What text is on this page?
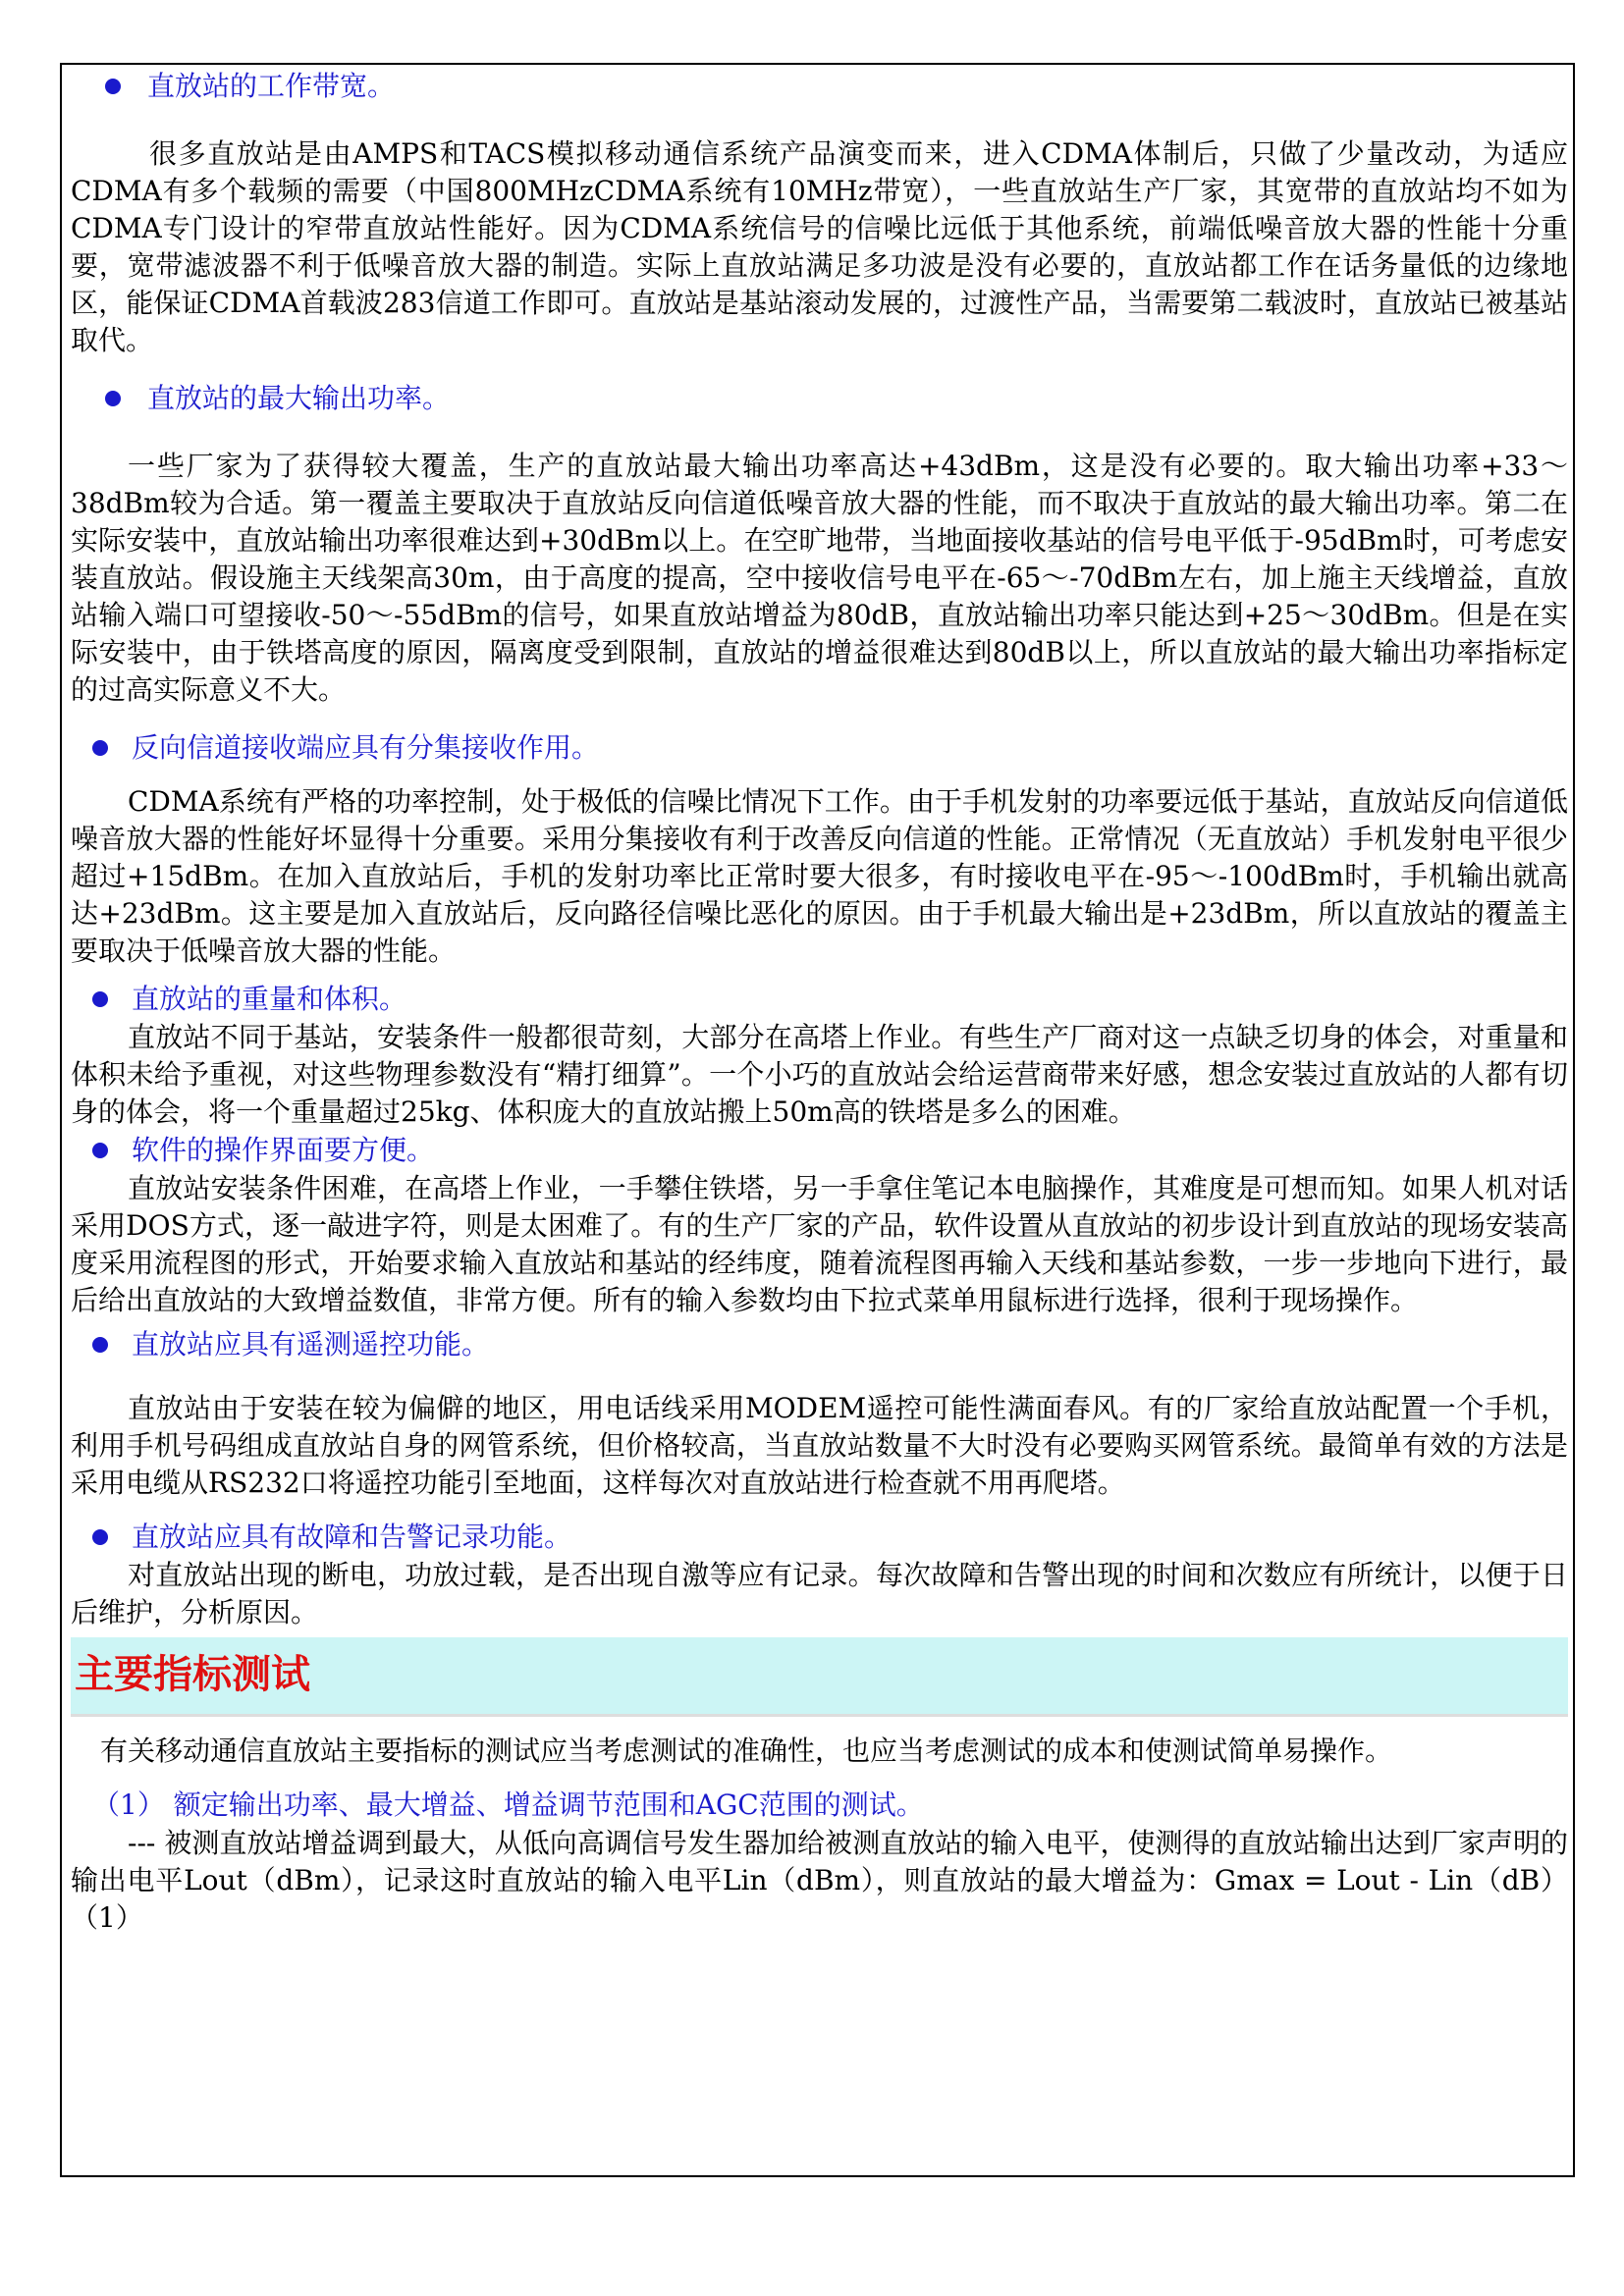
直放站的工作带宽。

很多直放站是由AMPS和TACS模拟移动通信系统产品演变而来，进入CDMA体制后，只做了少量改动，为适应CDMA有多个载频的需要（中国800MHzCDMA系统有10MHz带宽），一些直放站生产厂家，其宽带的直放站均不如为CDMA专门设计的窄带直放站性能好。因为CDMA系统信号的信噪比远低于其他系统，前端低噪音放大器的性能十分重要，宽带滤波器不利于低噪音放大器的制造。实际上直放站满足多功波是没有必要的，直放站都工作在话务量低的边缘地区，能保证CDMA首载波283信道工作即可。直放站是基站滚动发展的，过渡性产品，当需要第二载波时，直放站已被基站取代。

直放站的最大输出功率。

一些厂家为了获得较大覆盖，生产的直放站最大输出功率高达+43dBm，这是没有必要的。取大输出功率+33～38dBm较为合适。第一覆盖主要取决于直放站反向信道低噪音放大器的性能，而不取决于直放站的最大输出功率。第二在实际安装中，直放站输出功率很难达到+30dBm以上。在空旷地带，当地面接收基站的信号电平低于-95dBm时，可考虑安装直放站。假设施主天线架高30m，由于高度的提高，空中接收信号电平在-65～-70dBm左右，加上施主天线增益，直放站输入端口可望接收-50～-55dBm的信号，如果直放站增益为80dB，直放站输出功率只能达到+25～30dBm。但是在实际安装中，由于铁塔高度的原因，隔离度受到限制，直放站的增益很难达到80dB以上，所以直放站的最大输出功率指标定的过高实际意义不大。

反向信道接收端应具有分集接收作用。

CDMA系统有严格的功率控制，处于极低的信噪比情况下工作。由于手机发射的功率要远低于基站，直放站反向信道低噪音放大器的性能好坏显得十分重要。采用分集接收有利于改善反向信道的性能。正常情况（无直放站）手机发射电平很少超过+15dBm。在加入直放站后，手机的发射功率比正常时要大很多，有时接收电平在-95～-100dBm时，手机输出就高达+23dBm。这主要是加入直放站后，反向路径信噪比恶化的原因。由于手机最大输出是+23dBm，所以直放站的覆盖主要取决于低噪音放大器的性能。

直放站的重量和体积。

直放站不同于基站，安装条件一般都很苛刻，大部分在高塔上作业。有些生产厂商对这一点缺乏切身的体会，对重量和体积未给予重视，对这些物理参数没有“精打细算”。一个小巧的直放站会给运营商带来好感，想念安装过直放站的人都有切身的体会，将一个重量超过25kg、体积庞大的直放站搬上50m高的铁塔是多么的困难。

软件的操作界面要方便。

直放站安装条件困难，在高塔上作业，一手攀住铁塔，另一手拿住笔记本电脑操作，其难度是可想而知。如果人机对话采用DOS方式，逐一敲进字符，则是太困难了。有的生产厂家的产品，软件设置从直放站的初步设计到直放站的现场安装高度采用流程图的形式，开始要求输入直放站和基站的经纬度，随着流程图再输入天线和基站参数，一步一步地向下进行，最后给出直放站的大致增益数值，非常方便。所有的输入参数均由下拉式菜单用鼠标进行选择，很利于现场操作。

直放站应具有遥测遥控功能。

直放站由于安装在较为偏僻的地区，用电话线采用MODEM遥控可能性满面春风。有的厂家给直放站配置一个手机，利用手机号码组成直放站自身的网管系统，但价格较高，当直放站数量不大时没有必要购买网管系统。最简单有效的方法是采用电缆从RS232口将遥控功能引至地面，这样每次对直放站进行检查就不用再爬塔。

直放站应具有故障和告警记录功能。

对直放站出现的断电，功放过载，是否出现自激等应有记录。每次故障和告警出现的时间和次数应有所统计，以便于日后维护，分析原因。

主要指标测试

有关移动通信直放站主要指标的测试应当考虑测试的准确性，也应当考虑测试的成本和使测试简单易操作。

（1） 额定输出功率、最大增益、增益调节范围和AGC范围的测试。

--- 被测直放站增益调到最大，从低向高调信号发生器加给被测直放站的输入电平，使测得的直放站输出达到厂家声明的输出电平Lout（dBm），记录这时直放站的输入电平Lin（dBm），则直放站的最大增益为：Gmax = Lout - Lin（dB） （1）
